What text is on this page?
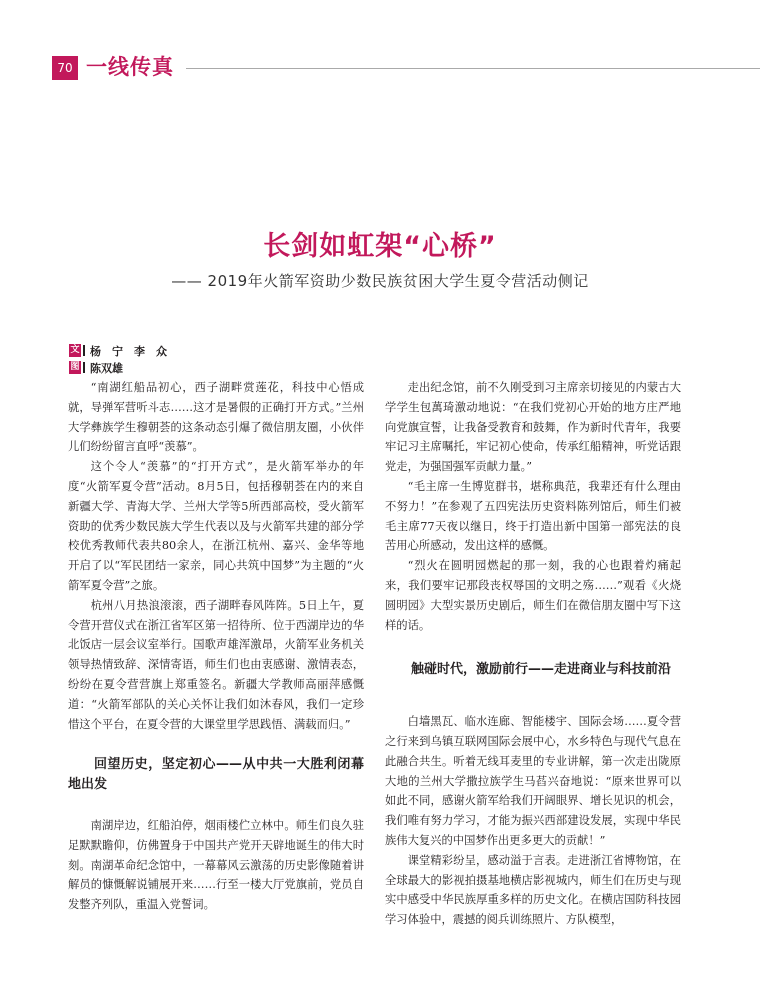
70 一线传真
长剑如虹架“心桥”
—— 2019年火箭军资助少数民族贫困大学生夏令营活动侧记
文 杨　宁　李　众
图 陈双雄

“南湖红船品初心，西子湖畔赏莲花，科技中心悟成就，导弹军营听斗志……这才是暑假的正确打开方式。”兰州大学彝族学生穆朝荟的这条动态引爆了微信朋友圈，小伙伴儿们纷纷留言直呼“羡慕”。

这个令人“羡慕”的“打开方式”，是火箭军举办的年度“火箭军夏令营”活动。8月5日，包括穆朝荟在内的来自新疆大学、青海大学、兰州大学等5所西部高校，受火箭军资助的优秀少数民族大学生代表以及与火箭军共建的部分学校优秀教师代表共80余人，在浙江杭州、嘉兴、金华等地开启了以“军民团结一家亲，同心共筑中国梦”为主题的“火箭军夏令营”之旅。

杭州八月热浪滚滚，西子湖畔春风阵阵。5日上午，夏令营开营仪式在浙江省军区第一招待所、位于西湖岸边的华北饭店一层会议室举行。国歌声雄浑激昂，火箭军业务机关领导热情致辞、深情寄语，师生们也由衷感谢、激情表态，纷纷在夏令营营旗上郑重签名。新疆大学教师高丽萍感慨道：“火箭军部队的关心关怀让我们如沐春风，我们一定珍惜这个平台，在夏令营的大课堂里学思践悟、满载而归。”

回望历史，坚定初心——从中共一大胜利闭幕地出发

南湖岸边，红船泊停，烟雨楼伫立林中。师生们良久驻足默默瞻仰，仿佛置身于中国共产党开天辟地诞生的伟大时刻。南湖革命纪念馆中，一幕幕风云激荡的历史影像随着讲解员的慷慨解说铺展开来……行至一楼大厅党旗前，党员自发整齐列队，重温入党誓词。

走出纪念馆，前不久刚受到习主席亲切接见的内蒙古大学学生包萬琦激动地说：“在我们党初心开始的地方庄严地向党旗宣誓，让我备受教育和鼓舞，作为新时代青年，我要牢记习主席嘱托，牢记初心使命，传承红船精神，听党话跟党走，为强国强军贡献力量。”

“毛主席一生博览群书，堪称典范，我辈还有什么理由不努力！”在参观了五四宪法历史资料陈列馆后，师生们被毛主席77天夜以继日，终于打造出新中国第一部宪法的良苦用心所感动，发出这样的感慨。

“烈火在圆明园燃起的那一刻，我的心也跟着灼痛起来，我们要牢记那段丧权辱国的文明之殇……”观看《火烧圆明园》大型实景历史剧后，师生们在微信朋友圈中写下这样的话。

触碰时代，激励前行——走进商业与科技前沿

白墙黑瓦、临水连廊、智能楼宇、国际会场……夏令营之行来到乌镇互联网国际会展中心，水乡特色与现代气息在此融合共生。听着无线耳麦里的专业讲解，第一次走出陇原大地的兰州大学撒拉族学生马萏兴奋地说：“原来世界可以如此不同，感谢火箭军给我们开阔眼界、增长见识的机会，我们唯有努力学习，才能为振兴西部建设发展，实现中华民族伟大复兴的中国梦作出更多更大的贡献！”

课堂精彩纷呈，感动溢于言表。走进浙江省博物馆，在全球最大的影视拍摄基地横店影视城内，师生们在历史与现实中感受中华民族厚重多样的历史文化。在横店国防科技园学习体验中，震撼的阅兵训练照片、方队模型，
